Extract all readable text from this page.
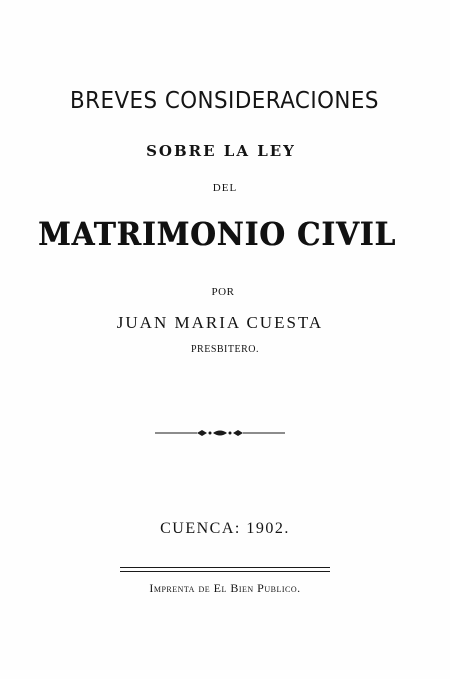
BREVES CONSIDERACIONES
SOBRE LA LEY
DEL
MATRIMONIO CIVIL
POR
JUAN MARIA CUESTA
PRESBITERO.
CUENCA: 1902.
Imprenta de El Bien Publico.
